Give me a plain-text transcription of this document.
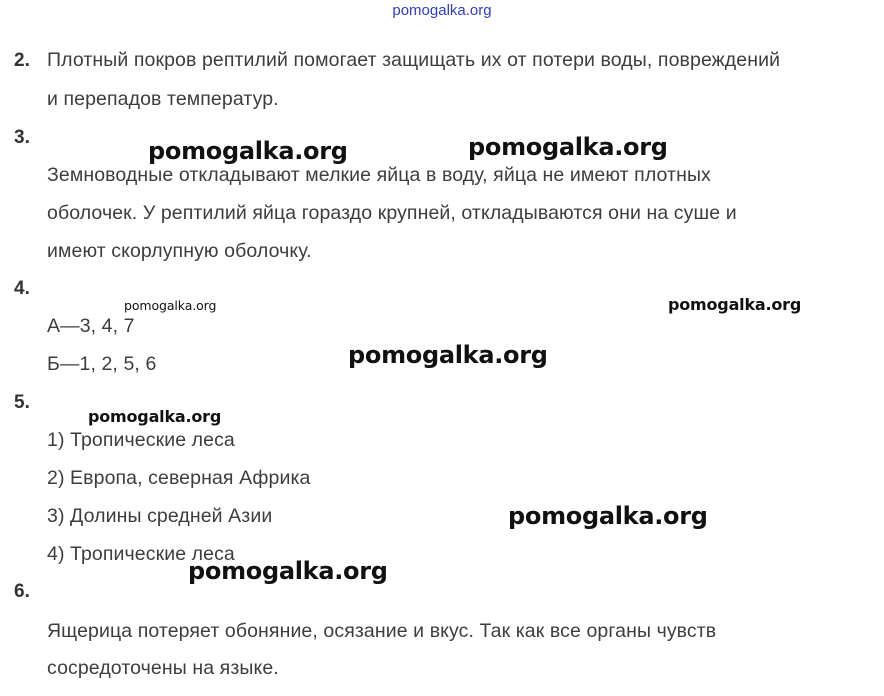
pomogalka.org
2. Плотный покров рептилий помогает защищать их от потери воды, повреждений
и перепадов температур.
3.
Земноводные откладывают мелкие яйца в воду, яйца не имеют плотных
оболочек. У рептилий яйца гораздо крупней, откладываются они на суше и
имеют скорлупную оболочку.
4.
А—3, 4, 7
Б—1, 2, 5, 6
5.
1) Тропические леса
2) Европа, северная Африка
3) Долины средней Азии
4) Тропические леса
6.
Ящерица потеряет обоняние, осязание и вкус. Так как все органы чувств
сосредоточены на языке.
pomogalka.org	pomogalka.org
pomogalka.org	pomogalka.org
pomogalka.org
pomogalka.org
pomogalka.org
pomogalka.org
